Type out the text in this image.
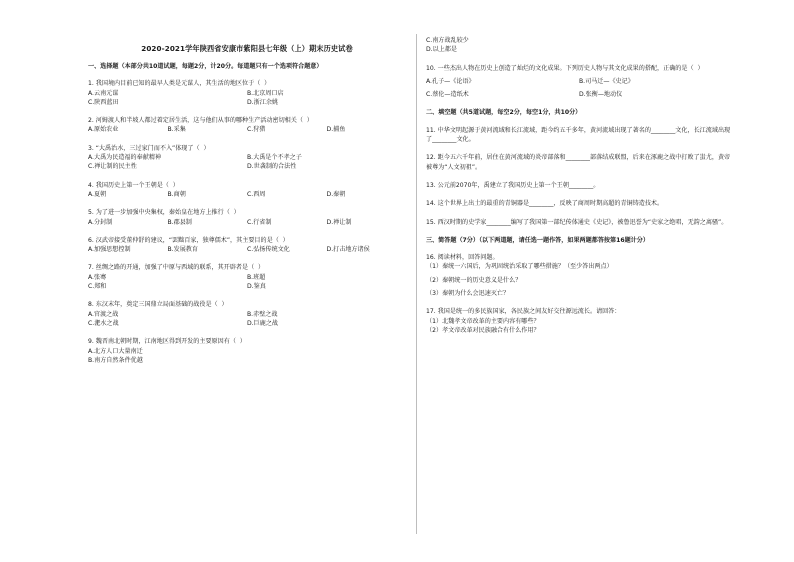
2020-2021学年陕西省安康市紫阳县七年级（上）期末历史试卷
一、选择题（本部分共10道试题，每题2分，计20分。每道题只有一个选项符合题意）
1. 我国境内目前已知的最早人类是元谋人，其生活的地区位于（  ）
A.云南元谋	B.北京周口店
C.陕西蓝田	D.浙江余姚
2. 河姆渡人和半坡人都过着定居生活，这与他们从事的哪种生产活动密切相关（  ）
A.原始农业	B.采集	C.狩猎	D.捕鱼
3. “大禹治水，三过家门而不入”体现了（  ）
A.大禹为民造福的奉献精神	B.大禹是个不孝之子
C.禅让制的民主性	D.世袭制的合法性
4. 我国历史上第一个王朝是（  ）
A.夏朝	B.商朝	C.西周	D.秦朝
5. 为了进一步加强中央集权，秦始皇在地方上推行（  ）
A.分封制	B.郡县制	C.行省制	D.禅让制
6. 汉武帝接受董仲舒的建议，“罢黜百家，独尊儒术”，其主要目的是（  ）
A.加强思想控制	B.发展教育	C.弘扬传统文化	D.打击地方诸侯
7. 丝绸之路的开通，加强了中原与西域的联系，其开辟者是（  ）
A.张骞	B.班超
C.郑和	D.鉴真
8. 东汉末年，奠定三国鼎立局面基础的战役是（  ）
A.官渡之战	B.赤壁之战
C.淝水之战	D.巨鹿之战
9. 魏晋南北朝时期，江南地区得到开发的主要原因有（  ）
A.北方人口大量南迁
B.南方自然条件优越
C.南方战乱较少
D.以上都是
10. 一些杰出人物在历史上创造了灿烂的文化成果。下列历史人物与其文化成果的搭配，正确的是（  ）
A.孔子—《论语》	B.司马迁—《史记》
C.蔡伦—造纸术	D.张衡—地动仪
二、填空题（共5道试题，每空2分，每空1分，共10分）
11. 中华文明起源于黄河流域和长江流域，距今约五千多年，黄河流域出现了著名的________文化，长江流域出现了________文化。
12. 距今五六千年前，居住在黄河流域的炎帝部落和________部落结成联盟，后来在涿鹿之战中打败了蚩尤，黄帝被尊为“人文初祖”。
13. 公元前2070年，禹建立了我国历史上第一个王朝________。
14. 这个世界上出土的最重的青铜器是________，反映了商周时期高超的青铜铸造技术。
15. 西汉时期的史学家________编写了我国第一部纪传体通史《史记》，被鲁迅誉为“史家之绝唱，无韵之离骚”。
三、简答题（7分）（以下两道题，请任选一题作答，如果两题都答按第16题计分）
16. 阅读材料，回答问题。
（1）秦统一六国后，为巩固统治采取了哪些措施？（至少答出两点）
（2）秦朝统一的历史意义是什么？
（3）秦朝为什么会迅速灭亡？
17. 我国是统一的多民族国家，各民族之间友好交往源远流长。请回答：
（1）北魏孝文帝改革的主要内容有哪些？
（2）孝文帝改革对民族融合有什么作用？
